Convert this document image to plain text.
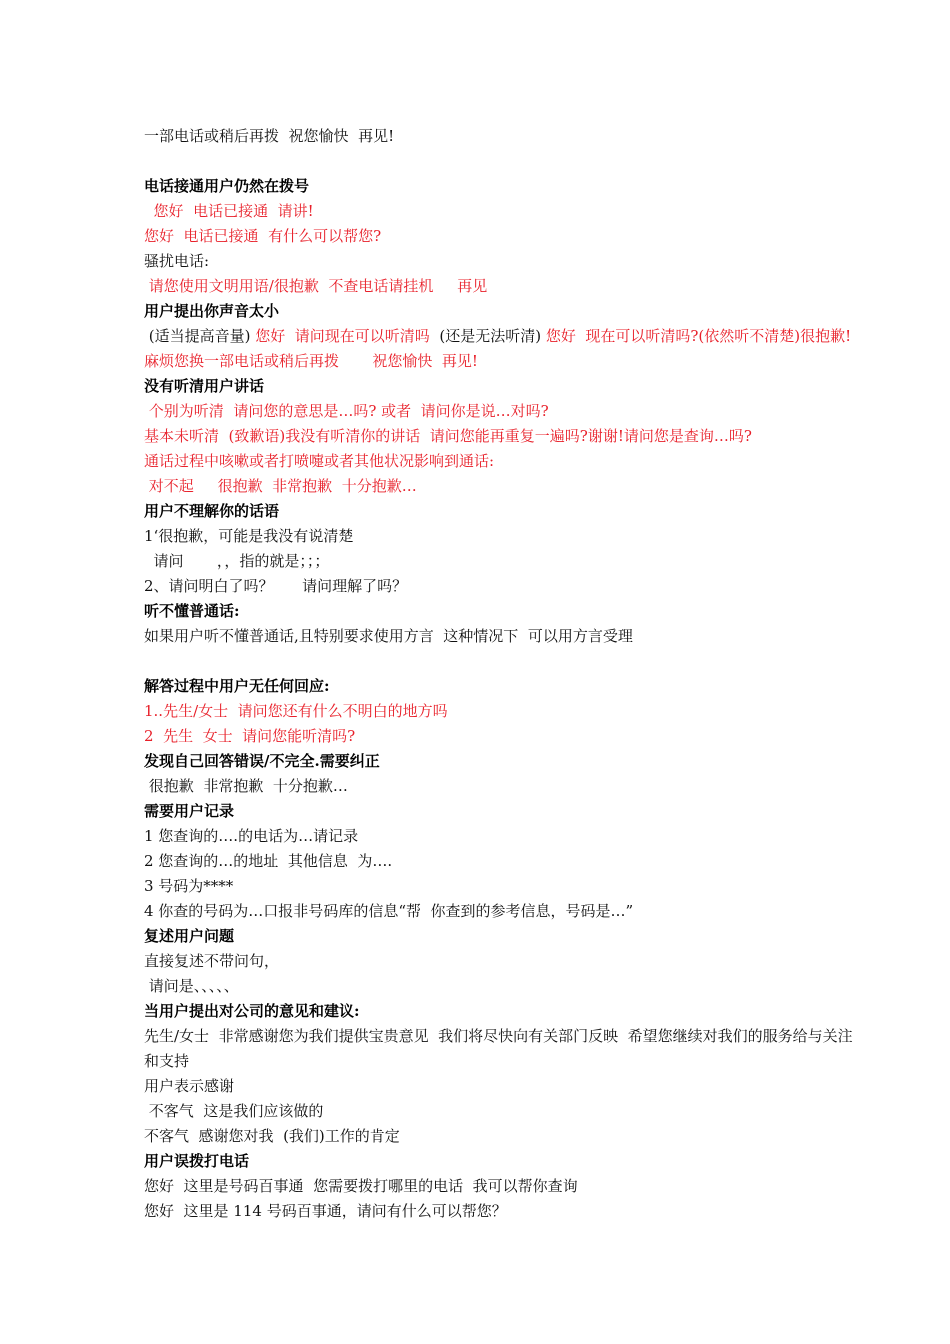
一部电话或稍后再拨  祝您愉快  再见!

电话接通用户仍然在拨号

您好  电话已接通  请讲!

您好  电话已接通  有什么可以帮您?

骚扰电话:

请您使用文明用语/很抱歉  不查电话请挂机     再见

用户提出你声音太小

(适当提高音量) 您好  请问现在可以听清吗  (还是无法听清) 您好  现在可以听清吗?(依然听不清楚)很抱歉!麻烦您换一部电话或稍后再拨       祝您愉快  再见!

没有听清用户讲话

个别为听清  请问您的意思是…吗? 或者  请问你是说…对吗?

基本未听清  (致歉语)我没有听清你的讲话  请问您能再重复一遍吗?谢谢!请问您是查询…吗?

通话过程中咳嗽或者打喷嚏或者其他状况影响到通话:

对不起     很抱歉  非常抱歉  十分抱歉…

用户不理解你的话语

1‘很抱歉，可能是我没有说清楚

请问       ，，指的就是；；；

2、请问明白了吗？      请问理解了吗？

听不懂普通话:

如果用户听不懂普通话,且特别要求使用方言  这种情况下  可以用方言受理

解答过程中用户无任何回应:

1..先生/女士  请问您还有什么不明白的地方吗

2  先生  女士  请问您能听清吗?

发现自己回答错误/不完全.需要纠正

很抱歉  非常抱歉  十分抱歉…

需要用户记录

1 您查询的….的电话为…请记录

2 您查询的…的地址  其他信息  为….

3 号码为****

4 你查的号码为…口报非号码库的信息“帮  你查到的参考信息，号码是…”

复述用户问题

直接复述不带问句，

请问是、、、、、

当用户提出对公司的意见和建议:

先生/女士  非常感谢您为我们提供宝贵意见  我们将尽快向有关部门反映  希望您继续对我们的服务给与关注和支持

用户表示感谢

不客气  这是我们应该做的

不客气  感谢您对我  (我们)工作的肯定

用户误拨打电话

您好  这里是号码百事通  您需要拨打哪里的电话  我可以帮你查询

您好  这里是 114 号码百事通，请问有什么可以帮您？
